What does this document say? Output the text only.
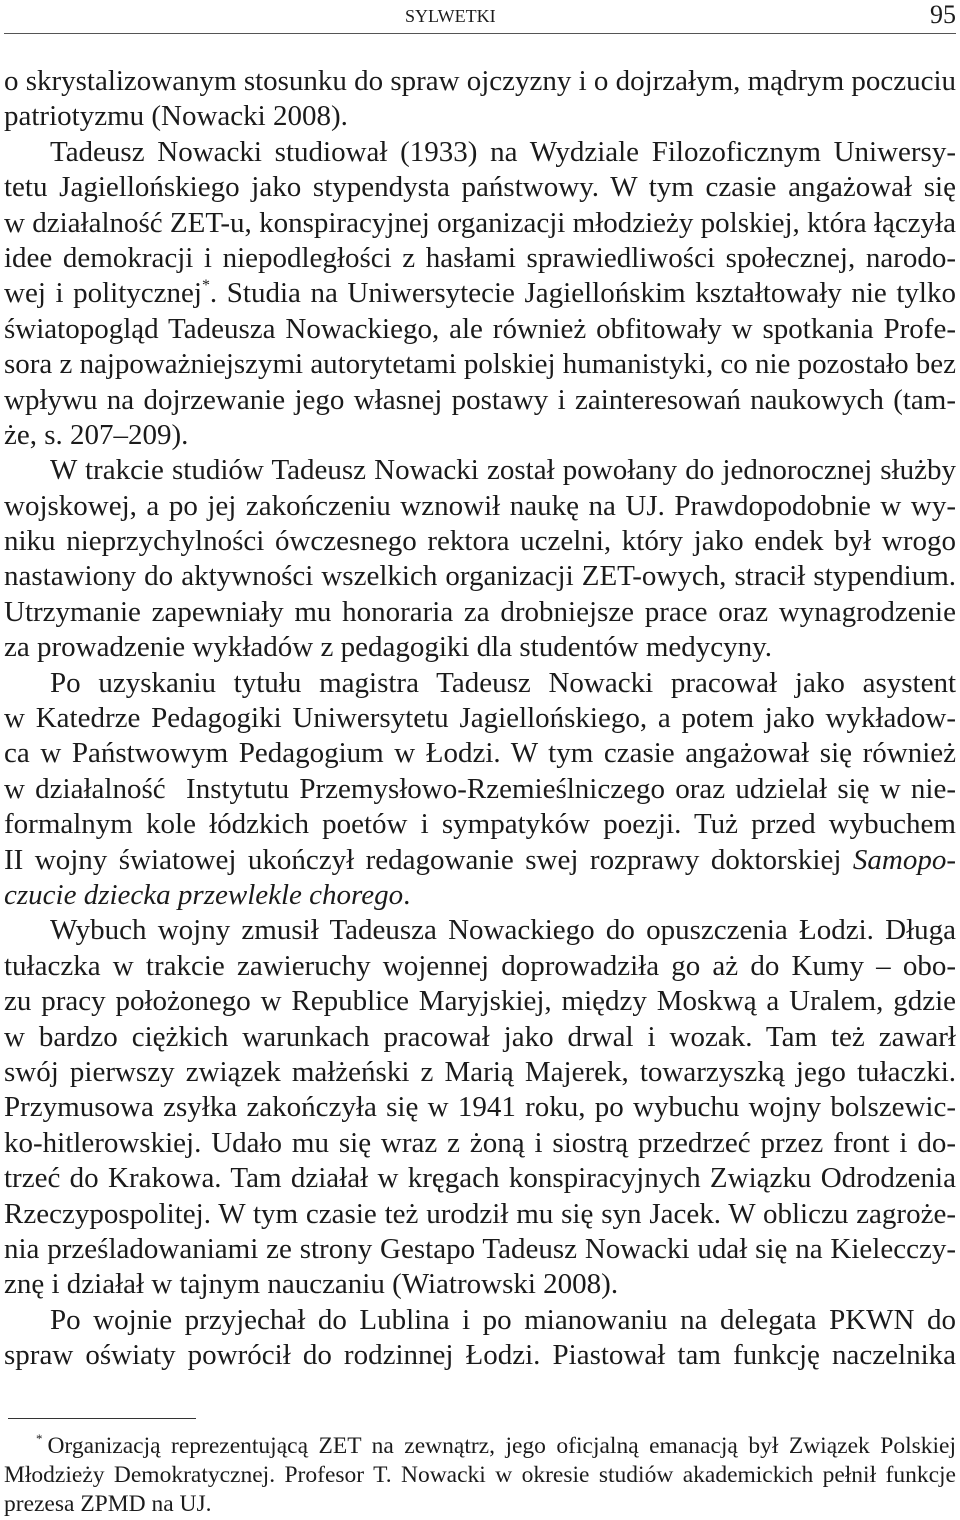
SYLWETKI	95
o skrystalizowanym stosunku do spraw ojczyzny i o dojrzałym, mądrym poczuciu
patriotyzmu (Nowacki 2008).
Tadeusz Nowacki studiował (1933) na Wydziale Filozoficznym Uniwersy-
tetu Jagiellońskiego jako stypendysta państwowy. W tym czasie angażował się
w działalność ZET-u, konspiracyjnej organizacji młodzieży polskiej, która łączyła
idee demokracji i niepodległości z hasłami sprawiedliwości społecznej, narodo-
wej i politycznej*. Studia na Uniwersytecie Jagiellońskim kształtowały nie tylko
światopogląd Tadeusza Nowackiego, ale również obfitowały w spotkania Profe-
sora z najpoważniejszymi autorytetami polskiej humanistyki, co nie pozostało bez
wpływu na dojrzewanie jego własnej postawy i zainteresowań naukowych (tam-
że, s. 207–209).
W trakcie studiów Tadeusz Nowacki został powołany do jednorocznej służby
wojskowej, a po jej zakończeniu wznowił naukę na UJ. Prawdopodobnie w wy-
niku nieprzychylności ówczesnego rektora uczelni, który jako endek był wrogo
nastawiony do aktywności wszelkich organizacji ZET-owych, stracił stypendium.
Utrzymanie zapewniały mu honoraria za drobniejsze prace oraz wynagrodzenie
za prowadzenie wykładów z pedagogiki dla studentów medycyny.
Po uzyskaniu tytułu magistra Tadeusz Nowacki pracował jako asystent
w Katedrze Pedagogiki Uniwersytetu Jagiellońskiego, a potem jako wykładow-
ca w Państwowym Pedagogium w Łodzi. W tym czasie angażował się również
w działalność  Instytutu Przemysłowo-Rzemieślniczego oraz udzielał się w nie-
formalnym kole łódzkich poetów i sympatyków poezji. Tuż przed wybuchem
II wojny światowej ukończył redagowanie swej rozprawy doktorskiej Samopo-
czucie dziecka przewlekle chorego.
Wybuch wojny zmusił Tadeusza Nowackiego do opuszczenia Łodzi. Długa
tułaczka w trakcie zawieruchy wojennej doprowadziła go aż do Kumy – obo-
zu pracy położonego w Republice Maryjskiej, między Moskwą a Uralem, gdzie
w bardzo ciężkich warunkach pracował jako drwal i wozak. Tam też zawarł
swój pierwszy związek małżeński z Marią Majerek, towarzyszką jego tułaczki.
Przymusowa zsyłka zakończyła się w 1941 roku, po wybuchu wojny bolszewic-
ko-hitlerowskiej. Udało mu się wraz z żoną i siostrą przedrzeć przez front i do-
trzeć do Krakowa. Tam działał w kręgach konspiracyjnych Związku Odrodzenia
Rzeczypospolitej. W tym czasie też urodził mu się syn Jacek. W obliczu zagroże-
nia prześladowaniami ze strony Gestapo Tadeusz Nowacki udał się na Kielecczy-
znę i działał w tajnym nauczaniu (Wiatrowski 2008).
Po wojnie przyjechał do Lublina i po mianowaniu na delegata PKWN do
spraw oświaty powrócił do rodzinnej Łodzi. Piastował tam funkcję naczelnika
* Organizacją reprezentującą ZET na zewnątrz, jego oficjalną emanacją był Związek Polskiej
Młodzieży Demokratycznej. Profesor T. Nowacki w okresie studiów akademickich pełnił funkcje
prezesa ZPMD na UJ.
